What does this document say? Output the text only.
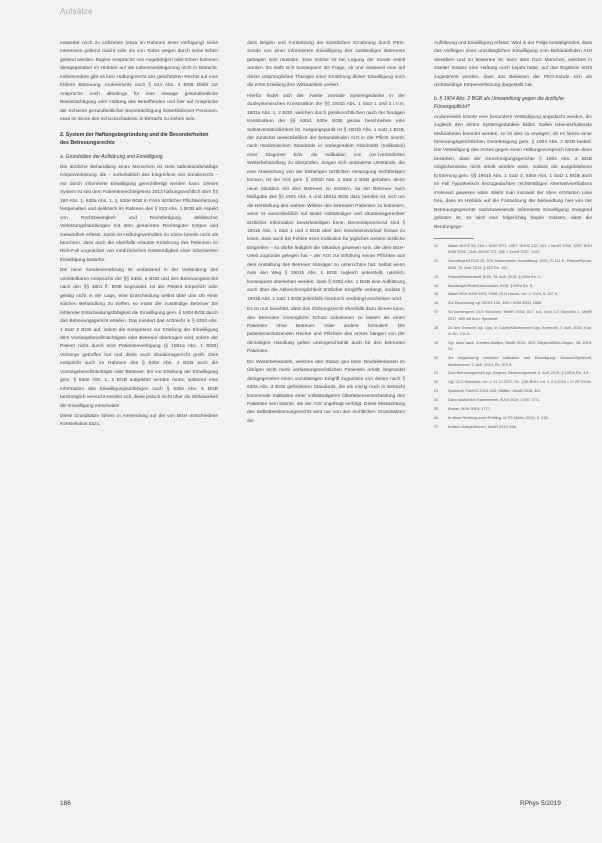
Aufsätze

entweder noch zu Lebzeiten (etwa im Rahmen einer Verfügung) seine Interessen geltend macht oder sie von Todes wegen durch seine Erben geltend werden. Eigene Ansprüche von Angehörigen oder Erben kommen demgegenüber im Hinblick auf die Lebensverlängerung nicht in Betracht. Insbesondere gibt es kein Haftungsrecht des geschützten Rechts auf eine frühere Betreuung. Andererseits nach § 844 Abs. 3 BGB bleibt zur Ansprüche noch allerdings für eine etwaige gesundheitliche Beeinträchtigung oder Haftung des Betreffenden und hier auf Ansprüche der Schwere gesundheitlicher Beeinträchtigung hinterbliebener Personen, etwa im Sinne des Schockschadens, in Betracht zu ziehen sein.

2. System der Haftungsbegründung und die Besonderheiten des Betreuungsrechts
a. Grundsätze der Aufklärung und Einwilligung

Die ärztliche Behandlung eines Menschen ist stets tatbestandsmäßige Körperverletzung, die – vorbehaltlich des Eingreifens von Sonderrecht – nur durch informierte Einwilligung gerechtfertigt werden kann. Dieses System ist seit dem Patientenrechtegesetz 2013 haftungsrechtlich über §§ 280 Abs. 1, 630a Abs. 1, 2, 630e BGB in Form ärztlicher Pflichtverletzung festgehalten und deliktisch im Rahmen des § 823 Abs. 1 BGB als Aspekt von Rechtswidrigkeit und Rechtfertigung deliktischer Verletzungshandlungen mit dem genannten Rechtsgüter Körper und Gesundheit erfasst. Somit ist Haftungsverhalten im Sinne bereits nicht als beachten, dass auch die ebenfalls erlaubte Ernährung des Patienten im Rich-Fall ungeachtet von medizinischen Notwendigkeit einer informierten Einwilligung bedurfte.

Die reine Sondenernährung ist umfassend in der Verbindung des unmittelbaren Anspruchs der §§ 630d, e BGB und des Betreuungsrechts nach den §§ 1901 ff. BGB begründet. Ist der Patient körperlich oder geistig nicht in der Lage, eine Entscheidung selbst über das Ob einer solchen Behandlung zu treffen, so muss der zuständige Betreuer bei fehlender Entscheidungsfähigkeit die Einwilligung gem. § 1904 BGB durch das Betreuungsgericht erteilen. Das mindert das Arztrecht in § 630d Abs. 1 Satz 2 BGB auf, indem die Kompetenz zur Erteilung der Einwilligung dem Vorsorgebevollmächtigten oder Betreuer übertragen wird, sofern der Patient nicht durch eine Patientenverfügung (§ 1901a Abs. 1 BGB) Vorsorge getroffen hat und diese auch situationsgerecht greift. Dies entspricht auch im Rahmen des § 630e Abs. 4 BGB auch die Vorsorgebevollmächtigte oder Betreuer, der vor Erteilung der Einwilligung gem. § 630e Abs. 1, 2 BGB aufgeklärt werden muss, während eine Information des Einwilligungsunfähigen nach § 630e Abs. 5 BGB bestmöglich versucht werden soll, diese jedoch nicht über die Wirksamkeit der Einwilligung entscheidet.

Diese Grundsätze führen in Anwendung auf die von BGH entschiedene Konstellation dazu,

dass Beginn und Fortsetzung der künstlichen Ernährung durch PEG-Sonde von einer informierten Einwilligung des zuständigen Betreuers getragen sein mussten. Eine solche ist bei Legung der Sonde erteilt worden. Es stellt sich konsequent die Frage, ob und inwieweit eine auf dieser ursprünglichen Therapie einer Ernährung dieser Einwilligung noch die erste Erteilung ihre Wirksamkeit verliert.

Hierfür findet sich der zweite zentrale Systemgedanke in der dualsystemischen Konstruktion der §§ 1901b Abs. 1 Satz 1 und 2 i.V.m. 1901a Abs. 1, 2 BGB, welchen durch positivrechtlichen nach der heutigen Konstruktion der §§ 630d, 630e BGB genau beschrieben eine Selbstverständlichkeit ist. Ausgangspunkt ist § 1901b Abs. 1 Satz 1 BGB, der zunächst ausschließlich der behandelnden Arzt in die Pflicht nimmt, nach medizinischen Standards in vorliegendem Abschnitts (Indikation) einer Diagnose bzw. die Indikation von (un-)veränderten Weiterbehandlung zu überprüfen. Zeigen sich veränderte Umstände, die eine Abweichung von der bisherigen ärztlichen Versorgung rechtfertigen können, ist der Arzt gem. § 1901b Abs. 1 Satz 2 BGB gehalten, diese neue Situation mit dem Betreuer zu erörtern, da der Betreuer nach Maßgabe des §§ 1901 Abs. 4 und 1901a BGB dazu berufen ist, sich um die Herstellung des wahren Willens des betreuten Patienten zu kümmern, wenn er ausschließlich auf Basis vollständiger und situationsgerechter ärztlicher Information bewerkstelligen kann. Dementsprechend sind § 1901b Abs. 1 Satz 1 und 2 BGB über den Gewissensvorlauf hinaus zu lesen, dass auch bei Fehlen einer Indikation für jegliches weitere ärztliche Eingreifen – so dürfte lediglich die Situation gewesen sein, die dem BGH-Urteil zugrunde gelegen hat – der Arzt zur Erfüllung seiner Pflichten aus dem Anstellung des Betreuer sonstiger zu unterrichten hat. Selbst wenn man den Weg § 1901b Abs. 1 BGB zugleich unterstellt, nämlich, konsequent übersehen werden, dass § 630d Abs. 1 BGB eine Aufklärung auch über die Abbrechmöglichkeit ärztlicher Eingriffe verlangt, sodass § 1901b Abs. 1 Satz 1 BGB jedenfalls hierdurch verdrängt erscheinen wird.

Es ist nun beachtet, dass das Ordnungsrecht ebenfalls dazu dienen kann, den Betreuten vorsorgliche Schutz zukommen zu lassen als einen Patienten ohne Betreuer. Oder anders formuliert: Die patientenschützenden Rechte und Pflichten des Arztes hängen von der derzeitigen Handlung gelten uneingeschränkt auch für den betreuten Patienten.

Ein Weiterbehandeln, welches den Status quo beim Neufallenlassen im Übrigen nicht mehr verfassungsrechtlichen Patienten erhält, begründet demgegenüber einen unzulässigen Eingriff zugunsten von denen nach § 630a Abs. 2 BGB geforderten Standards, die als einzig noch in Betracht kommende Indikation einer vollständigeren Überlebensentscheidung des Patienten sein könnte, die der Arzt ungefragt verfolgt. Diese Missachtung des Selbstbestimmungsrechts wird nur von den rechtlichen Grundsätzen der

Aufklärung und Einwilligung erfasst. Wird in der Folge bestätigendes, dass das Vorliegen einer unzulänglichen Einwilligung vom Behandelnden Arzt dieselben und zu bewerten ist, kann dem OLG München, welches in zweiter Instanz eine Haftung noch bejaht hatte, auf das Ergebnis recht zugestimmt werden, dass das Belassen der PEG-Sonde sich als rechtswidrige Körperverletzung dargestellt hat.

b. § 1904 Abs. 2 BGB als Umwandlung gegen die ärztliche Fürsorgepflicht?

Andererseits könnte eine besondere Verteidigung angedacht werden, die zugleich den dritten Systemgedanken bildet: Sollen lebenserhaltende Maßnahmen beendet werden, so ist dies zu erwägen, ob es hierzu einer betreuungsgerichtlichen Genehmigung gem. § 1904 Abs. 2 BGB bedarf. Die Verteidigung des Arztes gegen einen Haftungsvorspruch könnte dann bestehen, dass der Genehmigungsgerichte § 1904 Abs. 2 BGB möglicherweise nicht erteilt worden wäre, sodass die ausgebliebene Erörterung gem. §§ 1901b Abs. 1 Satz 2, 630e Abs. 1 Satz 1 BGB auch im Fall hypothetisch hinzugedachten rechtmäßigen Alternativverhaltens irrelevant gewesen wäre. Bleibt man insoweit der oben erörterten Linie treu, dass im Hinblick auf die Fortsetzung der Behandlung hier von der Betreuungsgerichte nachzuweisende informierte Einwilligung zwingend geboten ist, so wird man folgerichtig fragen müssen, dass die Berufungsge-

11	Näher BGHZ 56, 163 = NJW 1971, 1887; BGHZ 132, 341 = VersR 1996, 1239; BGH NJW 2006, 1340; BGHZ 173, 286 = VersR 2007, 1102.
12	Grundlegend RGZ 25, 375; Katzenmeier, Arzthaftung, 2002, S. 111 ff.; Palandt/Sprau, BGB, 78. Aufl. 2019, § 823 Rn. 151.
13	Palandt/Weidenkaff, BGB, 78. Aufl. 2019, § 630d Rn. 2.
14	Bamberger/Roth/Katzenmeier, BGB, § 630d Rn. 5.
15	Näher BGH NJW 2003, 1588; OLG Hamm, Urt. v. 2019, S. 227 ff.
16	Zur Einordnung vgl. BGHZ 154, 205 = NJW 2003, 1588.
17	So konsequent OLG München, MedR 2018, 317; a.A. noch LG München I, MedR 2017, 889 mit Anm. Spickhoff.
18	Zu den Grenzen vgl. Lipp, in: Laufs/Katzenmeier/Lipp, Arztrecht, 7. Aufl. 2015, Kap. VI Rn. 101 ff.
19	Vgl. dazu auch Coester-Waltjen, MedR 2012, 553; Ziegler/Müller-Ziegler, ZfL 2019, 34.
20	Zur Abgrenzung zwischen Indikation und Einwilligung: Deutsch/Spickhoff, Medizinrecht, 7. Aufl. 2014, Rn. 373 ff.
21	Zum Betreuungsrecht vgl. Jürgens, Betreuungsrecht, 6. Aufl. 2019, § 1901b Rn. 3 ff.
22	Vgl. OLG München, Urt. v. 21.12.2017, Rn. 139; BGH, Urt. v. 2.4.2019 – VI ZR 13/18.
23	Spickhoff, FamRZ 2018, 412; Steffen, MedR 2018, 301.
24	Dazu ausführlich Katzenmeier, NJW 2019, 1769, 1771.
25	Brauer, NJW 2019, 1772.
26	In diese Richtung auch Prütting, in: FS Müller, 2019, S. 435.
27	Kritisch Duttge/Wurzer, MedR 2019, 636.
186	RPhys 5/2019
